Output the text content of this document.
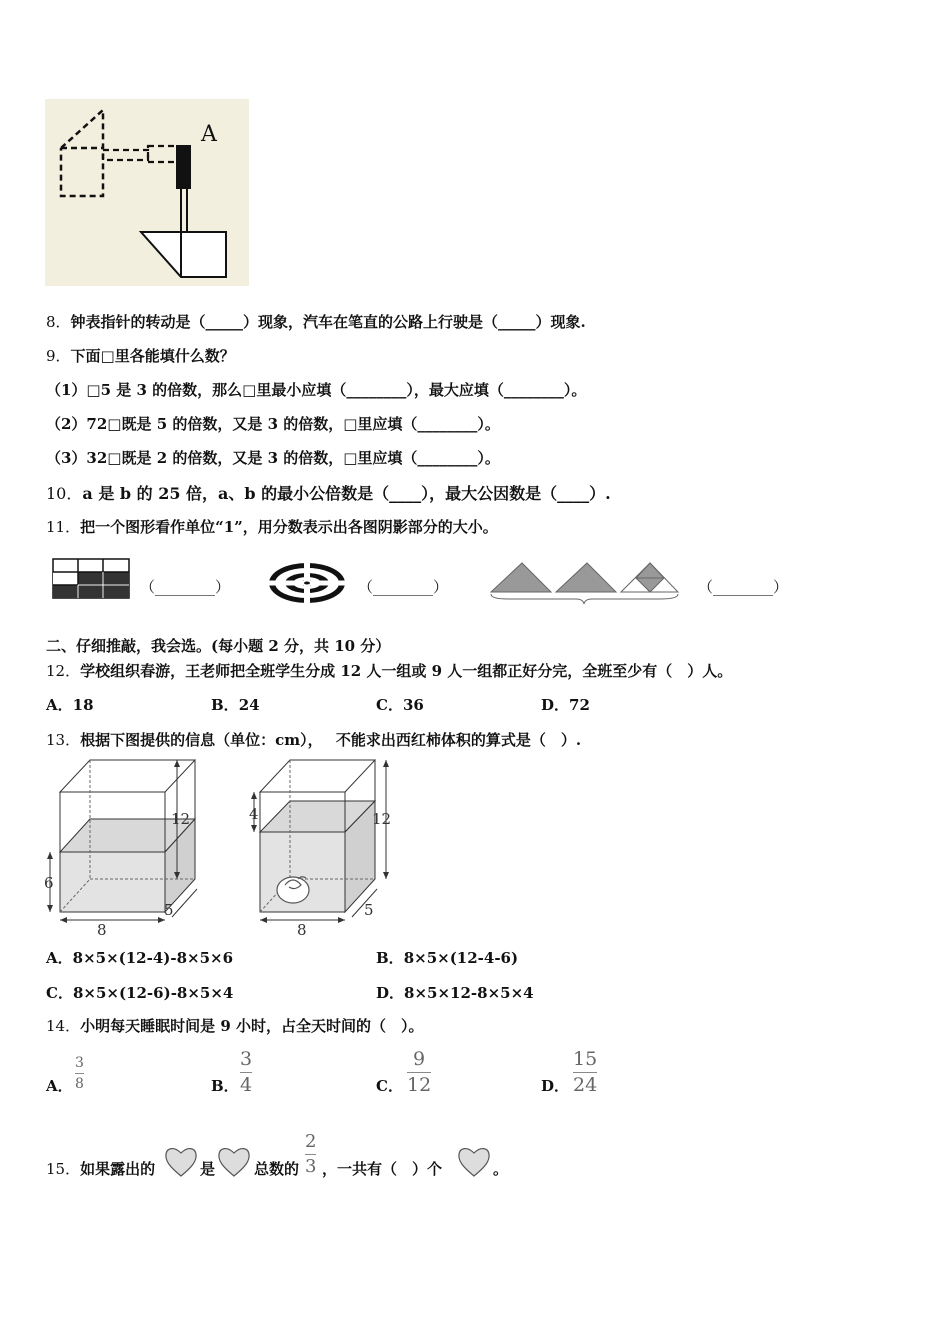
A
8．钟表指针的转动是（_____）现象，汽车在笔直的公路上行驶是（_____）现象.
9．下面□里各能填什么数？
（1）□5 是 3 的倍数，那么□里最小应填（________），最大应填（________）。
（2）72□既是 5 的倍数，又是 3 的倍数，□里应填（________）。
（3）32□既是 2 的倍数，又是 3 的倍数，□里应填（________）。
10．a 是 b 的 25 倍，a、b 的最小公倍数是（____），最大公因数是（____）.
11．把一个图形看作单位“1”，用分数表示出各图阴影部分的大小。
（________）	（________）	（________）
二、仔细推敲，我会选。(每小题 2 分，共 10 分）
12．学校组织春游，王老师把全班学生分成 12 人一组或 9 人一组都正好分完，全班至少有（　）人。
A．18	B．24	C．36	D．72
13．根据下图提供的信息（单位：cm）， 不能求出西红柿体积的算式是（　）.
12
6
8
5
12
4
8
5
A．8×5×(12-4)-8×5×6	B．8×5×(12-4-6)
C．8×5×(12-6)-8×5×4	D．8×5×12-8×5×4
14．小明每天睡眠时间是 9 小时，占全天时间的（　）。
A．
3
8	B．
3
4	C．
9
12	D．
15
24
15．如果露出的	是	总数的
2
3 ，一共有（　）个	。
